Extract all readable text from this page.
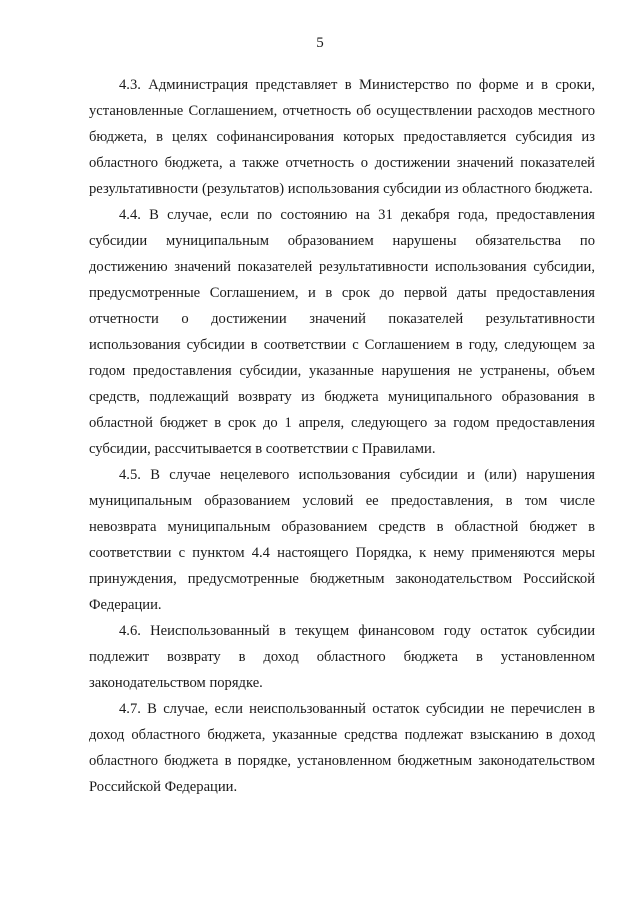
5

4.3. Администрация представляет в Министерство по форме и в сроки, установленные Соглашением, отчетность об осуществлении расходов местного бюджета, в целях софинансирования которых предоставляется субсидия из областного бюджета, а также отчетность о достижении значений показателей результативности (результатов) использования субсидии из областного бюджета.

4.4. В случае, если по состоянию на 31 декабря года, предоставления субсидии муниципальным образованием нарушены обязательства по достижению значений показателей результативности использования субсидии, предусмотренные Соглашением, и в срок до первой даты предоставления отчетности о достижении значений показателей результативности использования субсидии в соответствии с Соглашением в году, следующем за годом предоставления субсидии, указанные нарушения не устранены, объем средств, подлежащий возврату из бюджета муниципального образования в областной бюджет в срок до 1 апреля, следующего за годом предоставления субсидии, рассчитывается в соответствии с Правилами.

4.5. В случае нецелевого использования субсидии и (или) нарушения муниципальным образованием условий ее предоставления, в том числе невозврата муниципальным образованием средств в областной бюджет в соответствии с пунктом 4.4 настоящего Порядка, к нему применяются меры принуждения, предусмотренные бюджетным законодательством Российской Федерации.

4.6. Неиспользованный в текущем финансовом году остаток субсидии подлежит возврату в доход областного бюджета в установленном законодательством порядке.

4.7. В случае, если неиспользованный остаток субсидии не перечислен в доход областного бюджета, указанные средства подлежат взысканию в доход областного бюджета в порядке, установленном бюджетным законодательством Российской Федерации.
